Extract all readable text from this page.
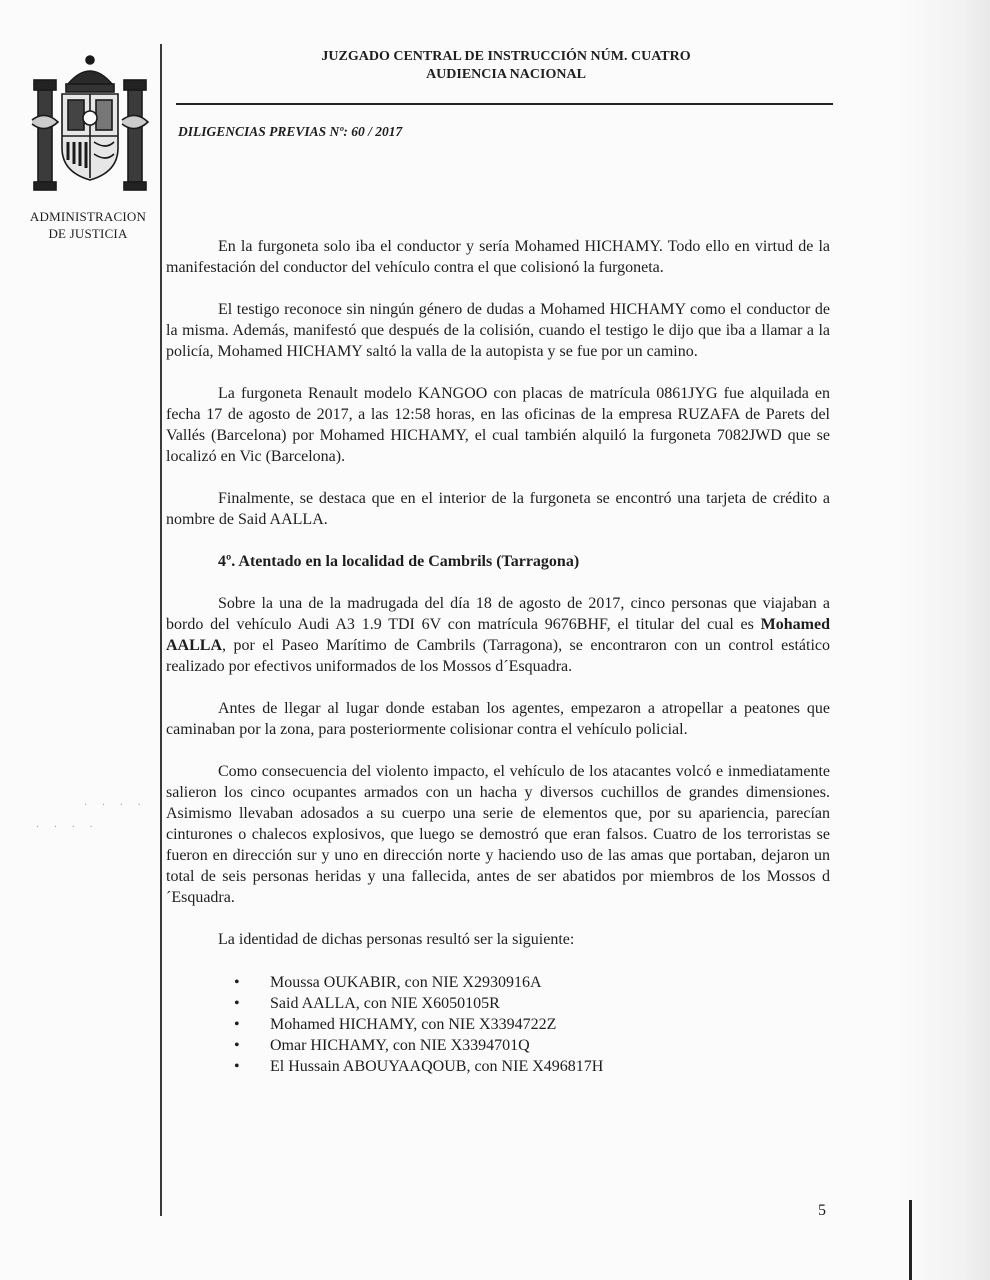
ADMINISTRACION
DE JUSTICIA
JUZGADO CENTRAL DE INSTRUCCIÓN NÚM. CUATRO
AUDIENCIA NACIONAL
DILIGENCIAS PREVIAS Nº: 60 / 2017

En la furgoneta solo iba el conductor y sería Mohamed HICHAMY. Todo ello en virtud de la manifestación del conductor del vehículo contra el que colisionó la furgoneta.

El testigo reconoce sin ningún género de dudas a Mohamed HICHAMY como el conductor de la misma. Además, manifestó que después de la colisión, cuando el testigo le dijo que iba a llamar a la policía, Mohamed HICHAMY saltó la valla de la autopista y se fue por un camino.

La furgoneta Renault modelo KANGOO con placas de matrícula 0861JYG fue alquilada en fecha 17 de agosto de 2017, a las 12:58 horas, en las oficinas de la empresa RUZAFA de Parets del Vallés (Barcelona) por Mohamed HICHAMY, el cual también alquiló la furgoneta 7082JWD que se localizó en Vic (Barcelona).

Finalmente, se destaca que en el interior de la furgoneta se encontró una tarjeta de crédito a nombre de Said AALLA.

4º. Atentado en la localidad de Cambrils (Tarragona)

Sobre la una de la madrugada del día 18 de agosto de 2017, cinco personas que viajaban a bordo del vehículo Audi A3 1.9 TDI 6V con matrícula 9676BHF, el titular del cual es Mohamed AALLA, por el Paseo Marítimo de Cambrils (Tarragona), se encontraron con un control estático realizado por efectivos uniformados de los Mossos d´Esquadra.

Antes de llegar al lugar donde estaban los agentes, empezaron a atropellar a peatones que caminaban por la zona, para posteriormente colisionar contra el vehículo policial.

Como consecuencia del violento impacto, el vehículo de los atacantes volcó e inmediatamente salieron los cinco ocupantes armados con un hacha y diversos cuchillos de grandes dimensiones. Asimismo llevaban adosados a su cuerpo una serie de elementos que, por su apariencia, parecían cinturones o chalecos explosivos, que luego se demostró que eran falsos. Cuatro de los terroristas se fueron en dirección sur y uno en dirección norte y haciendo uso de las amas que portaban, dejaron un total de seis personas heridas y una fallecida, antes de ser abatidos por miembros de los Mossos d´Esquadra.

La identidad de dichas personas resultó ser la siguiente:

• Moussa OUKABIR, con NIE X2930916A
• Said AALLA, con NIE X6050105R
• Mohamed HICHAMY, con NIE X3394722Z
• Omar HICHAMY, con NIE X3394701Q
• El Hussain ABOUYAAQOUB, con NIE X496817H
· · · ·
· · · ·
5
